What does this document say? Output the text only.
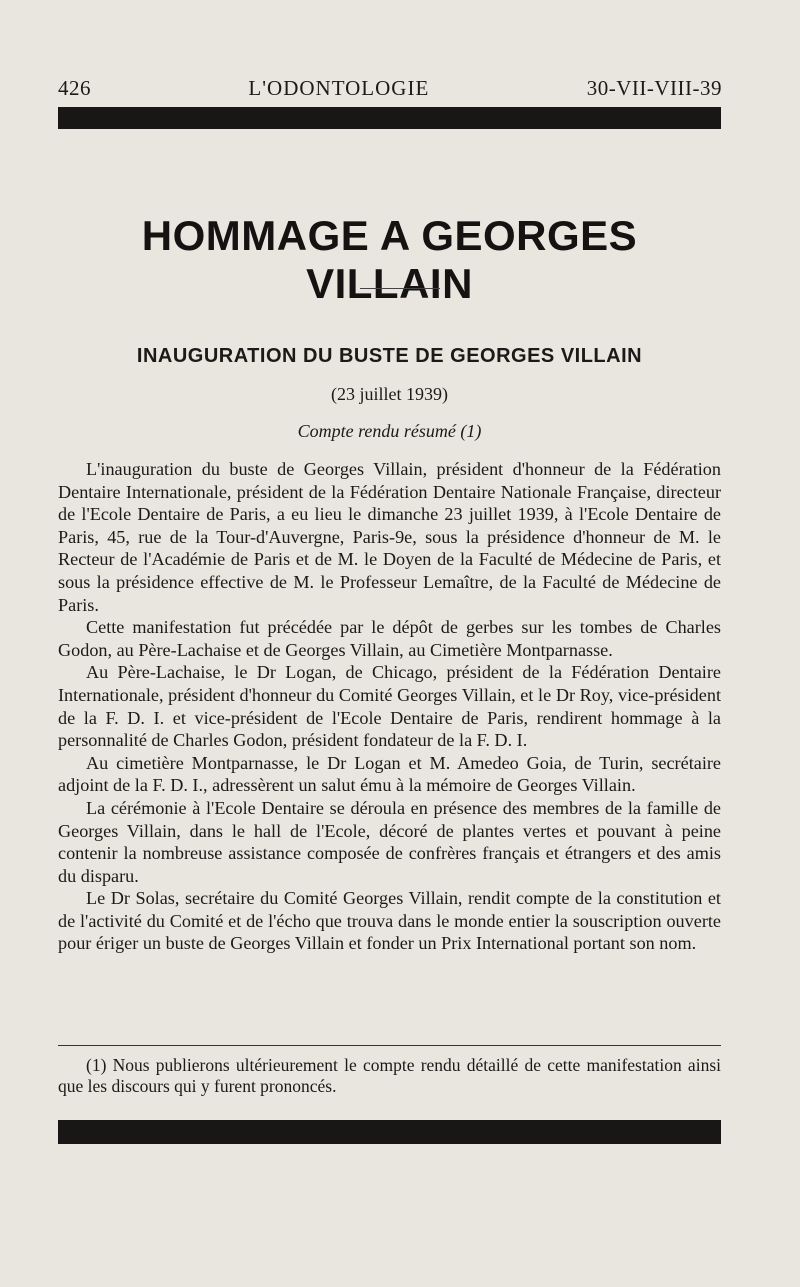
426	L'ODONTOLOGIE	30-VII-VIII-39
HOMMAGE A GEORGES VILLAIN
INAUGURATION DU BUSTE DE GEORGES VILLAIN
(23 juillet 1939)
Compte rendu résumé (1)

L'inauguration du buste de Georges Villain, président d'honneur de la Fédération Dentaire Internationale, président de la Fédération Dentaire Nationale Française, directeur de l'Ecole Dentaire de Paris, a eu lieu le dimanche 23 juillet 1939, à l'Ecole Dentaire de Paris, 45, rue de la Tour-d'Auvergne, Paris-9e, sous la présidence d'honneur de M. le Recteur de l'Académie de Paris et de M. le Doyen de la Faculté de Médecine de Paris, et sous la présidence effective de M. le Professeur Lemaître, de la Faculté de Médecine de Paris.

Cette manifestation fut précédée par le dépôt de gerbes sur les tombes de Charles Godon, au Père-Lachaise et de Georges Villain, au Cimetière Montparnasse.

Au Père-Lachaise, le Dr Logan, de Chicago, président de la Fédération Dentaire Internationale, président d'honneur du Comité Georges Villain, et le Dr Roy, vice-président de la F. D. I. et vice-président de l'Ecole Dentaire de Paris, rendirent hommage à la personnalité de Charles Godon, président fondateur de la F. D. I.

Au cimetière Montparnasse, le Dr Logan et M. Amedeo Goia, de Turin, secrétaire adjoint de la F. D. I., adressèrent un salut ému à la mémoire de Georges Villain.

La cérémonie à l'Ecole Dentaire se déroula en présence des membres de la famille de Georges Villain, dans le hall de l'Ecole, décoré de plantes vertes et pouvant à peine contenir la nombreuse assistance composée de confrères français et étrangers et des amis du disparu.

Le Dr Solas, secrétaire du Comité Georges Villain, rendit compte de la constitution et de l'activité du Comité et de l'écho que trouva dans le monde entier la souscription ouverte pour ériger un buste de Georges Villain et fonder un Prix International portant son nom.

(1) Nous publierons ultérieurement le compte rendu détaillé de cette manifestation ainsi que les discours qui y furent prononcés.
